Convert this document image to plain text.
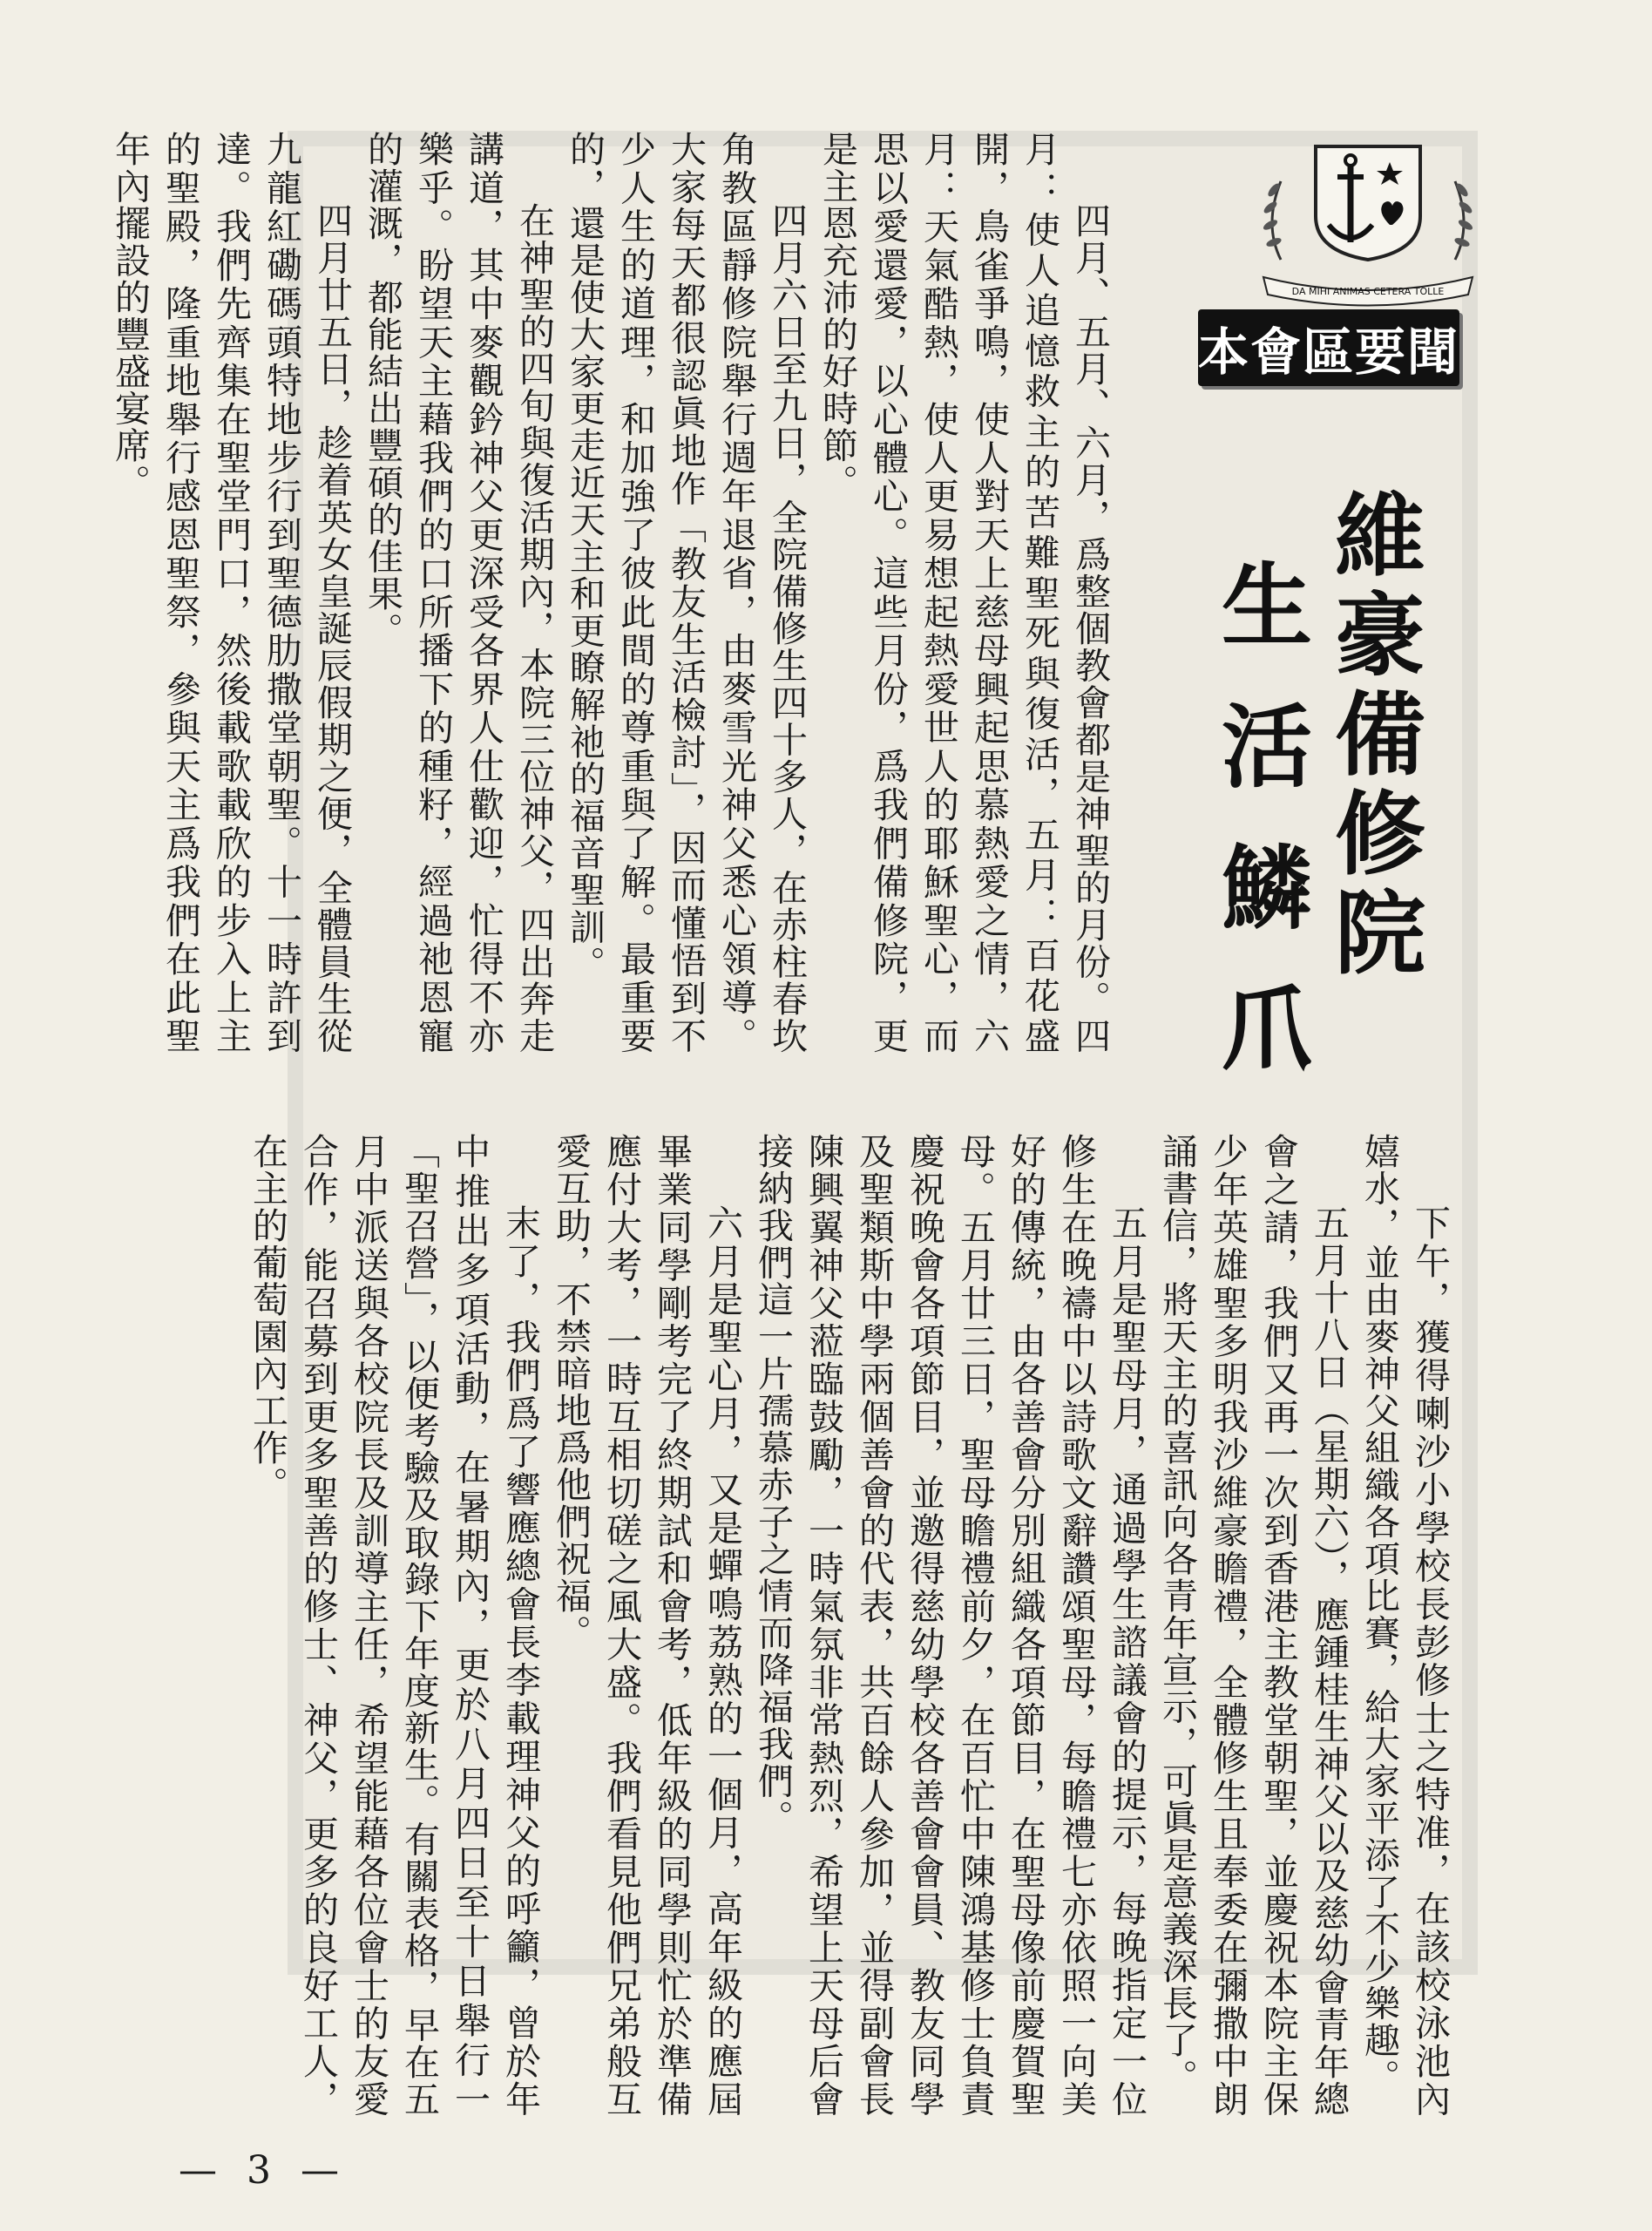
DA MIHI ANIMAS CETERA TOLLE
本會區要聞
維豪備修院
生活鱗爪

四月、五月、六月，爲整個教會都是神聖的月份。四月：使人追憶救主的苦難聖死與復活，五月：百花盛開，鳥雀爭鳴，使人對天上慈母興起思慕熱愛之情，六月：天氣酷熱，使人更易想起熱愛世人的耶穌聖心，而思以愛還愛，以心體心。這些月份，爲我們備修院，更是主恩充沛的好時節。

四月六日至九日，全院備修生四十多人，在赤柱春坎角教區靜修院舉行週年退省，由麥雪光神父悉心領導。大家每天都很認眞地作「教友生活檢討」，因而懂悟到不少人生的道理，和加強了彼此間的尊重與了解。最重要的，還是使大家更走近天主和更瞭解祂的福音聖訓。

在神聖的四旬與復活期內，本院三位神父，四出奔走講道，其中麥觀鈐神父更深受各界人仕歡迎，忙得不亦樂乎。盼望天主藉我們的口所播下的種籽，經過祂恩寵的灌溉，都能結出豐碩的佳果。

四月廿五日，趁着英女皇誕辰假期之便，全體員生從九龍紅磡碼頭特地步行到聖德肋撒堂朝聖。十一時許到達。我們先齊集在聖堂門口，然後載歌載欣的步入上主的聖殿，隆重地舉行感恩聖祭，參與天主爲我們在此聖年內擺設的豐盛宴席。

下午，獲得喇沙小學校長彭修士之特准，在該校泳池內嬉水，並由麥神父組織各項比賽，給大家平添了不少樂趣。

五月十八日（星期六），應鍾桂生神父以及慈幼會青年總會之請，我們又再一次到香港主教堂朝聖，並慶祝本院主保少年英雄聖多明我沙維豪瞻禮，全體修生且奉委在彌撒中朗誦書信，將天主的喜訊向各青年宣示，可眞是意義深長了。

五月是聖母月，通過學生諮議會的提示，每晚指定一位修生在晚禱中以詩歌文辭讚頌聖母，每瞻禮七亦依照一向美好的傳統，由各善會分別組織各項節目，在聖母像前慶賀聖母。五月廿三日，聖母瞻禮前夕，在百忙中陳鴻基修士負責慶祝晚會各項節目，並邀得慈幼學校各善會會員、教友同學及聖類斯中學兩個善會的代表，共百餘人參加，並得副會長陳興翼神父蒞臨鼓勵，一時氣氛非常熱烈，希望上天母后會接納我們這一片孺慕赤子之情而降福我們。

六月是聖心月，又是蟬鳴荔熟的一個月，高年級的應屆畢業同學剛考完了終期試和會考，低年級的同學則忙於準備應付大考，一時互相切磋之風大盛。我們看見他們兄弟般互愛互助，不禁暗地爲他們祝福。

末了，我們爲了響應總會長李載理神父的呼籲，曾於年中推出多項活動，在暑期內，更於八月四日至十日舉行一「聖召營」，以便考驗及取錄下年度新生。有關表格，早在五月中派送與各校院長及訓導主任，希望能藉各位會士的友愛合作，能召募到更多聖善的修士、神父，更多的良好工人，在主的葡萄園內工作。

— 3 —
